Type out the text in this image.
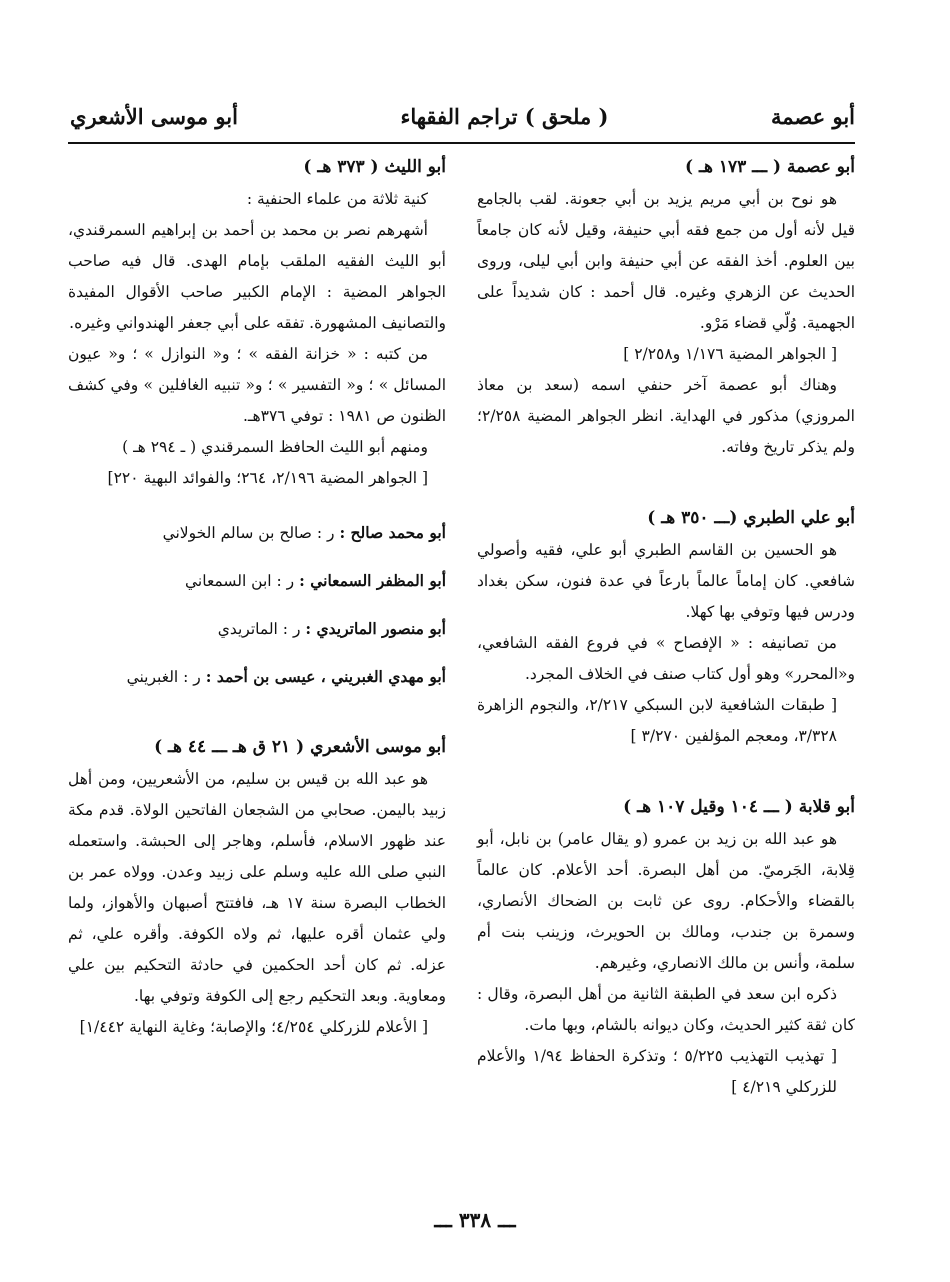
أبو عصمة
( ملحق ) تراجم الفقهاء
أبو موسى الأشعري
أبو عصمة ( ـــ ١٧٣ هـ )

هو نوح بن أبي مريم يزيد بن أبي جعونة. لقب بالجامع قيل لأنه أول من جمع فقه أبي حنيفة، وقيل لأنه كان جامعاً بين العلوم. أخذ الفقه عن أبي حنيفة وابن أبي ليلى، وروى الحديث عن الزهري وغيره. قال أحمد : كان شديداً على الجهمية. وُلّي قضاء مَرْو.

[ الجواهر المضية ١/١٧٦ و٢/٢٥٨ ]

وهناك أبو عصمة آخر حنفي اسمه (سعد بن معاذ المروزي) مذكور في الهداية. انظر الجواهر المضية ٢/٢٥٨؛ ولم يذكر تاريخ وفاته.

أبو علي الطبري (ـــ ٣٥٠ هـ )

هو الحسين بن القاسم الطبري أبو علي، فقيه وأصولي شافعي. كان إماماً عالماً بارعاً في عدة فنون، سكن بغداد ودرس فيها وتوفي بها كهلا.

من تصانيفه : « الإفصاح » في فروع الفقه الشافعي، و«المحرر» وهو أول كتاب صنف في الخلاف المجرد.

[ طبقات الشافعية لابن السبكي ٢/٢١٧، والنجوم الزاهرة ٣/٣٢٨، ومعجم المؤلفين ٣/٢٧٠ ]

أبو قلابة ( ـــ ١٠٤ وقيل ١٠٧ هـ )

هو عبد الله بن زيد بن عمرو (و يقال عامر) بن نابل، أبو قِلابة، الجَرميّ. من أهل البصرة. أحد الأعلام. كان عالماً بالقضاء والأحكام. روى عن ثابت بن الضحاك الأنصاري، وسمرة بن جندب، ومالك بن الحويرث، وزينب بنت أم سلمة، وأنس بن مالك الانصاري، وغيرهم.

ذكره ابن سعد في الطبقة الثانية من أهل البصرة، وقال : كان ثقة كثير الحديث، وكان ديوانه بالشام، وبها مات.

[ تهذيب التهذيب ٥/٢٢٥ ؛ وتذكرة الحفاظ ١/٩٤ والأعلام للزركلي ٤/٢١٩ ]

أبو الليث ( ٣٧٣ هـ )

كنية ثلاثة من علماء الحنفية :

أشهرهم نصر بن محمد بن أحمد بن إبراهيم السمرقندي، أبو الليث الفقيه الملقب بإمام الهدى. قال فيه صاحب الجواهر المضية : الإمام الكبير صاحب الأقوال المفيدة والتصانيف المشهورة. تفقه على أبي جعفر الهندواني وغيره.

من كتبه : « خزانة الفقه » ؛ و« النوازل » ؛ و« عيون المسائل » ؛ و« التفسير » ؛ و« تنبيه الغافلين » وفي كشف الظنون ص ١٩٨١ : توفي ٣٧٦هـ.

ومنهم أبو الليث الحافظ السمرقندي ( ـ ٢٩٤ هـ )

[ الجواهر المضية ٢/١٩٦، ٢٦٤؛ والفوائد البهية ٢٢٠]

أبو محمد صالح : ر : صالح بن سالم الخولاني
أبو المظفر السمعاني : ر : ابن السمعاني
أبو منصور الماتريدي : ر : الماتريدي
أبو مهدي الغبريني ، عيسى بن أحمد : ر : الغبريني
أبو موسى الأشعري ( ٢١ ق هـ ـــ ٤٤ هـ )

هو عبد الله بن قيس بن سليم، من الأشعريين، ومن أهل زبيد باليمن. صحابي من الشجعان الفاتحين الولاة. قدم مكة عند ظهور الاسلام، فأسلم، وهاجر إلى الحبشة. واستعمله النبي صلى الله عليه وسلم على زبيد وعدن. وولاه عمر بن الخطاب البصرة سنة ١٧ هـ، فافتتح أصبهان والأهواز، ولما ولي عثمان أقره عليها، ثم ولاه الكوفة. وأقره علي، ثم عزله. ثم كان أحد الحكمين في حادثة التحكيم بين علي ومعاوية. وبعد التحكيم رجع إلى الكوفة وتوفي بها.

[ الأعلام للزركلي ٤/٢٥٤؛ والإصابة؛ وغاية النهاية ١/٤٤٢]

ـــ ٣٣٨ ـــ
